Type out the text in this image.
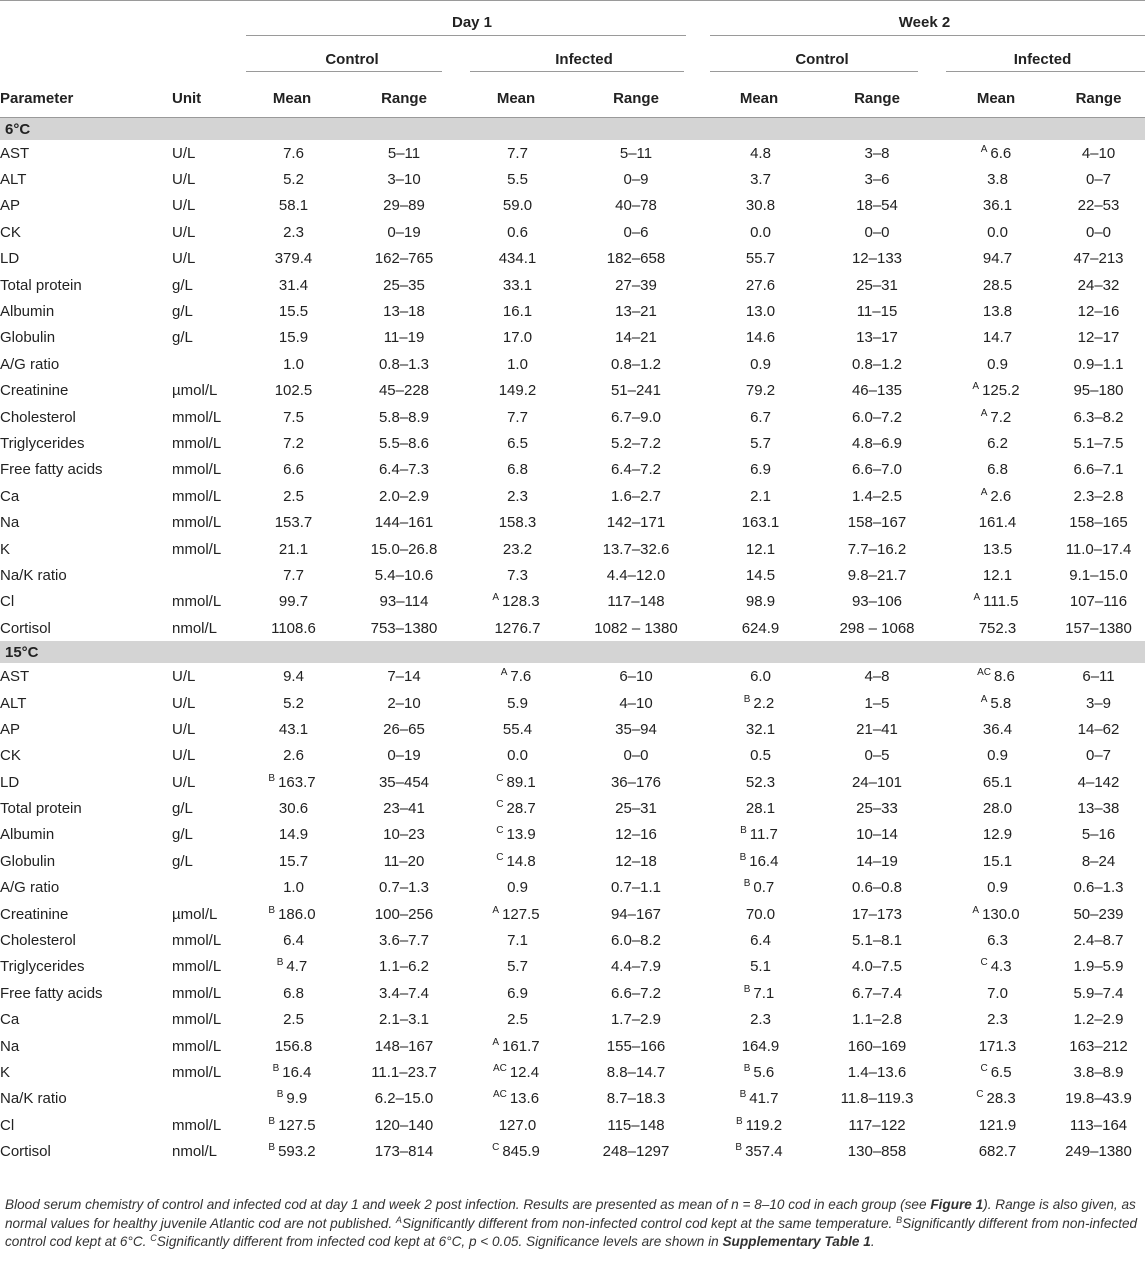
		Day 1				Week 2			

		Control		Infected		Control		Infected	

Parameter	Unit	Mean	Range	Mean	Range	Mean	Range	Mean	Range
6°C									
AST	U/L	7.6	5–11	7.7	5–11	4.8	3–8	$^A$ 6.6	4–10
ALT	U/L	5.2	3–10	5.5	0–9	3.7	3–6	3.8	0–7
AP	U/L	58.1	29–89	59.0	40–78	30.8	18–54	36.1	22–53
CK	U/L	2.3	0–19	0.6	0–6	0.0	0–0	0.0	0–0
LD	U/L	379.4	162–765	434.1	182–658	55.7	12–133	94.7	47–213
Total protein	g/L	31.4	25–35	33.1	27–39	27.6	25–31	28.5	24–32
Albumin	g/L	15.5	13–18	16.1	13–21	13.0	11–15	13.8	12–16
Globulin	g/L	15.9	11–19	17.0	14–21	14.6	13–17	14.7	12–17
A/G ratio		1.0	0.8–1.3	1.0	0.8–1.2	0.9	0.8–1.2	0.9	0.9–1.1
Creatinine	µmol/L	102.5	45–228	149.2	51–241	79.2	46–135	$^A$ 125.2	95–180
Cholesterol	mmol/L	7.5	5.8–8.9	7.7	6.7–9.0	6.7	6.0–7.2	$^A$ 7.2	6.3–8.2
Triglycerides	mmol/L	7.2	5.5–8.6	6.5	5.2–7.2	5.7	4.8–6.9	6.2	5.1–7.5
Free fatty acids	mmol/L	6.6	6.4–7.3	6.8	6.4–7.2	6.9	6.6–7.0	6.8	6.6–7.1
Ca	mmol/L	2.5	2.0–2.9	2.3	1.6–2.7	2.1	1.4–2.5	$^A$ 2.6	2.3–2.8
Na	mmol/L	153.7	144–161	158.3	142–171	163.1	158–167	161.4	158–165
K	mmol/L	21.1	15.0–26.8	23.2	13.7–32.6	12.1	7.7–16.2	13.5	11.0–17.4
Na/K ratio		7.7	5.4–10.6	7.3	4.4–12.0	14.5	9.8–21.7	12.1	9.1–15.0
Cl	mmol/L	99.7	93–114	$^A$ 128.3	117–148	98.9	93–106	$^A$ 111.5	107–116
Cortisol	nmol/L	1108.6	753–1380	1276.7	1082 – 1380	624.9	298 – 1068	752.3	157–1380
15°C									
AST	U/L	9.4	7–14	$^A$ 7.6	6–10	6.0	4–8	$^{AC}$ 8.6	6–11
ALT	U/L	5.2	2–10	5.9	4–10	$^B$ 2.2	1–5	$^A$ 5.8	3–9
AP	U/L	43.1	26–65	55.4	35–94	32.1	21–41	36.4	14–62
CK	U/L	2.6	0–19	0.0	0–0	0.5	0–5	0.9	0–7
LD	U/L	$^B$ 163.7	35–454	$^C$ 89.1	36–176	52.3	24–101	65.1	4–142
Total protein	g/L	30.6	23–41	$^C$ 28.7	25–31	28.1	25–33	28.0	13–38
Albumin	g/L	14.9	10–23	$^C$ 13.9	12–16	$^B$ 11.7	10–14	12.9	5–16
Globulin	g/L	15.7	11–20	$^C$ 14.8	12–18	$^B$ 16.4	14–19	15.1	8–24
A/G ratio		1.0	0.7–1.3	0.9	0.7–1.1	$^B$ 0.7	0.6–0.8	0.9	0.6–1.3
Creatinine	µmol/L	$^B$ 186.0	100–256	$^A$ 127.5	94–167	70.0	17–173	$^A$ 130.0	50–239
Cholesterol	mmol/L	6.4	3.6–7.7	7.1	6.0–8.2	6.4	5.1–8.1	6.3	2.4–8.7
Triglycerides	mmol/L	$^B$ 4.7	1.1–6.2	5.7	4.4–7.9	5.1	4.0–7.5	$^C$ 4.3	1.9–5.9
Free fatty acids	mmol/L	6.8	3.4–7.4	6.9	6.6–7.2	$^B$ 7.1	6.7–7.4	7.0	5.9–7.4
Ca	mmol/L	2.5	2.1–3.1	2.5	1.7–2.9	2.3	1.1–2.8	2.3	1.2–2.9
Na	mmol/L	156.8	148–167	$^A$ 161.7	155–166	164.9	160–169	171.3	163–212
K	mmol/L	$^B$ 16.4	11.1–23.7	$^{AC}$ 12.4	8.8–14.7	$^B$ 5.6	1.4–13.6	$^C$ 6.5	3.8–8.9
Na/K ratio		$^B$ 9.9	6.2–15.0	$^{AC}$ 13.6	8.7–18.3	$^B$ 41.7	11.8–119.3	$^C$ 28.3	19.8–43.9
Cl	mmol/L	$^B$ 127.5	120–140	127.0	115–148	$^B$ 119.2	117–122	121.9	113–164
Cortisol	nmol/L	$^B$ 593.2	173–814	$^C$ 845.9	248–1297	$^B$ 357.4	130–858	682.7	249–1380
Blood serum chemistry of control and infected cod at day 1 and week 2 post infection. Results are presented as mean of n = 8–10 cod in each group (see Figure 1). Range is also given, as normal values for healthy juvenile Atlantic cod are not published. $^A$Significantly different from non-infected control cod kept at the same temperature. $^B$Significantly different from non-infected control cod kept at 6°C. $^C$Significantly different from infected cod kept at 6°C, p < 0.05. Significance levels are shown in Supplementary Table 1.
